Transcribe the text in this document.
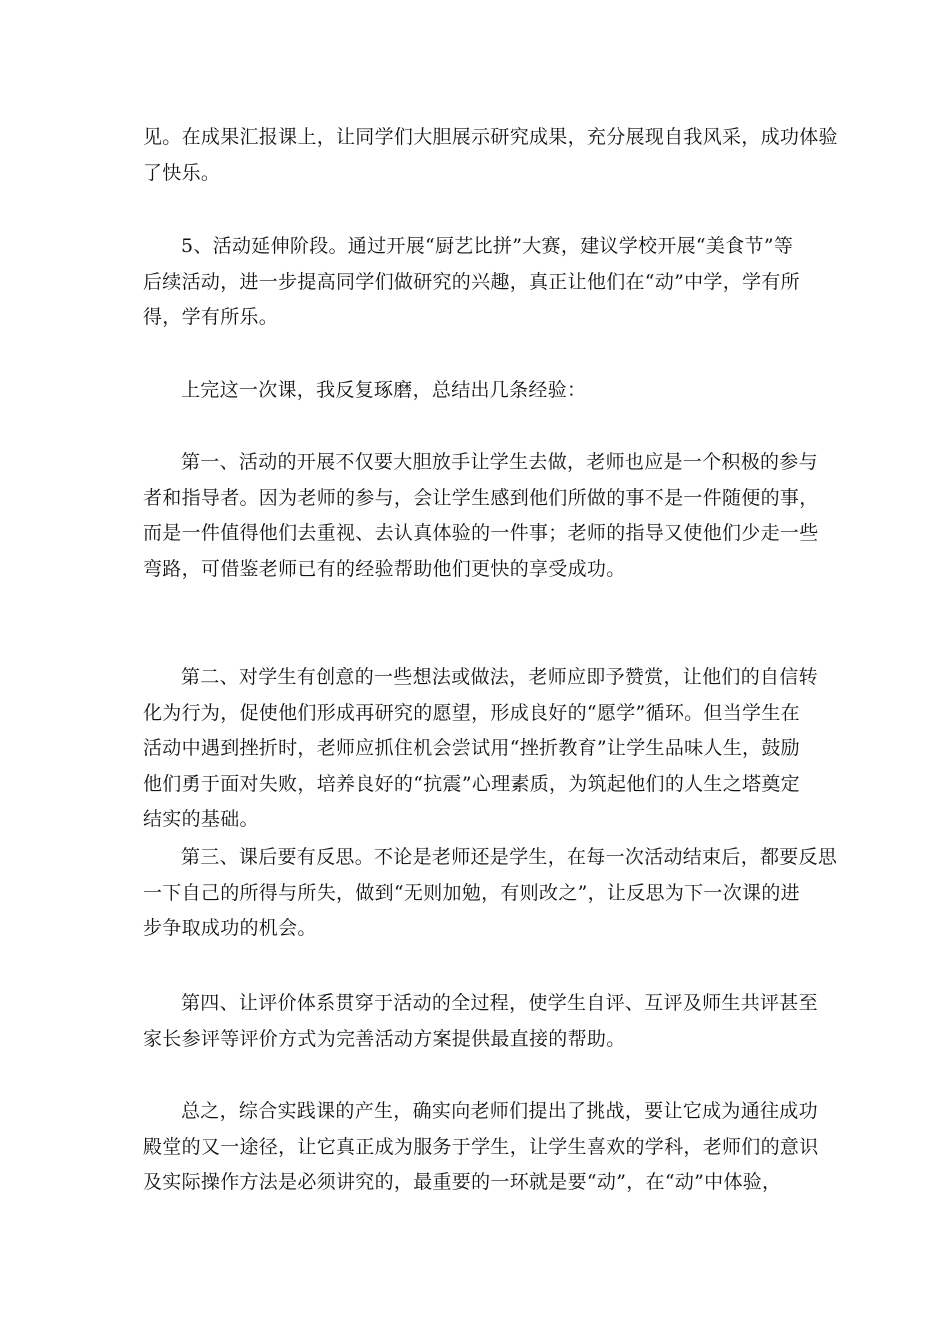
见。在成果汇报课上，让同学们大胆展示研究成果，充分展现自我风采，成功体验
了快乐。
5、活动延伸阶段。通过开展“厨艺比拼”大赛，建议学校开展“美食节”等
后续活动，进一步提高同学们做研究的兴趣，真正让他们在“动”中学，学有所
得，学有所乐。
上完这一次课，我反复琢磨，总结出几条经验：
第一、活动的开展不仅要大胆放手让学生去做，老师也应是一个积极的参与
者和指导者。因为老师的参与，会让学生感到他们所做的事不是一件随便的事，
而是一件值得他们去重视、去认真体验的一件事；老师的指导又使他们少走一些
弯路，可借鉴老师已有的经验帮助他们更快的享受成功。
第二、对学生有创意的一些想法或做法，老师应即予赞赏，让他们的自信转
化为行为，促使他们形成再研究的愿望，形成良好的“愿学”循环。但当学生在
活动中遇到挫折时，老师应抓住机会尝试用“挫折教育”让学生品味人生，鼓励
他们勇于面对失败，培养良好的“抗震”心理素质，为筑起他们的人生之塔奠定
结实的基础。
第三、课后要有反思。不论是老师还是学生，在每一次活动结束后，都要反思
一下自己的所得与所失，做到“无则加勉，有则改之”，让反思为下一次课的进
步争取成功的机会。
第四、让评价体系贯穿于活动的全过程，使学生自评、互评及师生共评甚至
家长参评等评价方式为完善活动方案提供最直接的帮助。
总之，综合实践课的产生，确实向老师们提出了挑战，要让它成为通往成功
殿堂的又一途径，让它真正成为服务于学生，让学生喜欢的学科，老师们的意识
及实际操作方法是必须讲究的，最重要的一环就是要“动”，在“动”中体验，
